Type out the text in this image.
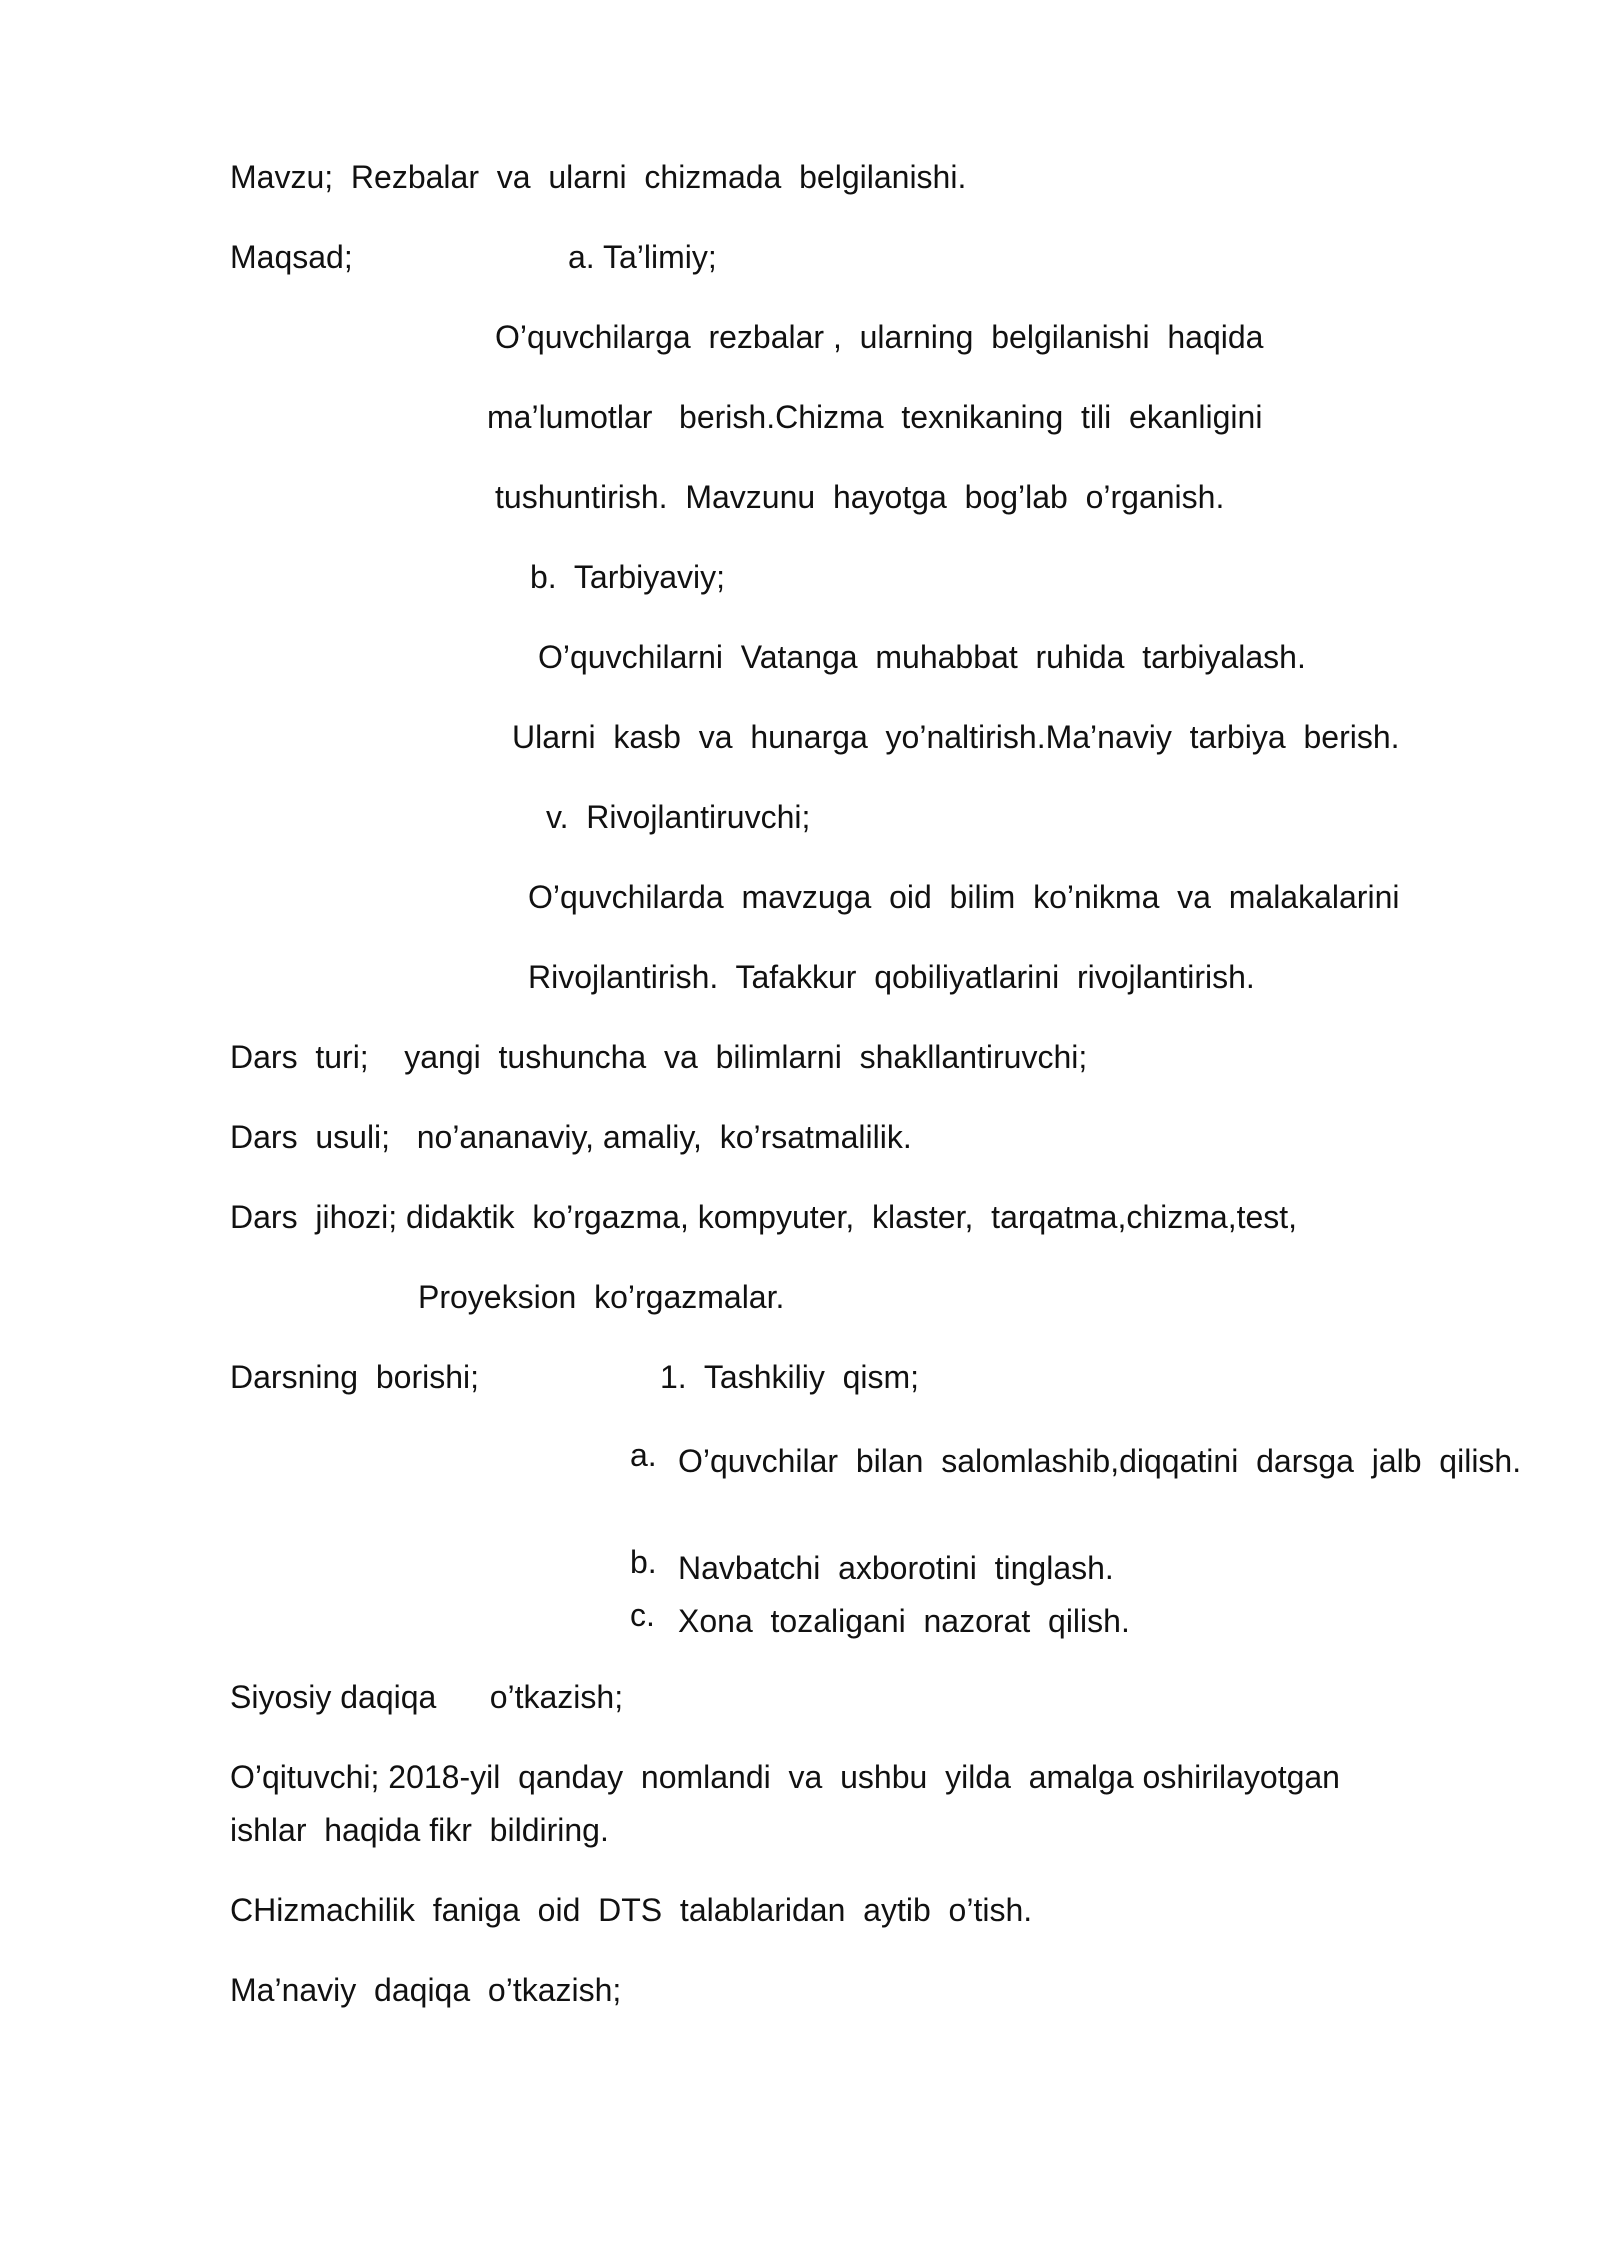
Mavzu;  Rezbalar  va  ularni  chizmada  belgilanishi.
Maqsad;	a. Ta’limiy;
O’quvchilarga  rezbalar ,  ularning  belgilanishi  haqida
ma’lumotlar   berish.Chizma  texnikaning  tili  ekanligini
tushuntirish.  Mavzunu  hayotga  bog’lab  o’rganish.
b.  Tarbiyaviy;
O’quvchilarni  Vatanga  muhabbat  ruhida  tarbiyalash.
Ularni  kasb  va  hunarga  yo’naltirish.Ma’naviy  tarbiya  berish.
v.  Rivojlantiruvchi;
O’quvchilarda  mavzuga  oid  bilim  ko’nikma  va  malakalarini
Rivojlantirish.  Tafakkur  qobiliyatlarini  rivojlantirish.
Dars  turi;    yangi  tushuncha  va  bilimlarni  shakllantiruvchi;
Dars  usuli;   no’ananaviy, amaliy,  ko’rsatmalilik.
Dars  jihozi; didaktik  ko’rgazma, kompyuter,  klaster,  tarqatma,chizma,test,
Proyeksion  ko’rgazmalar.
Darsning  borishi;	1.  Tashkiliy  qism;
a. O’quvchilar  bilan  salomlashib,diqqatini  darsga  jalb  qilish.
b. Navbatchi  axborotini  tinglash.
c. Xona  tozaligani  nazorat  qilish.
Siyosiy daqiqa      o’tkazish;
O’qituvchi; 2018-yil  qanday  nomlandi  va  ushbu  yilda  amalga oshirilayotgan
ishlar  haqida fikr  bildiring.
CHizmachilik  faniga  oid  DTS  talablaridan  aytib  o’tish.
Ma’naviy  daqiqa  o’tkazish;
